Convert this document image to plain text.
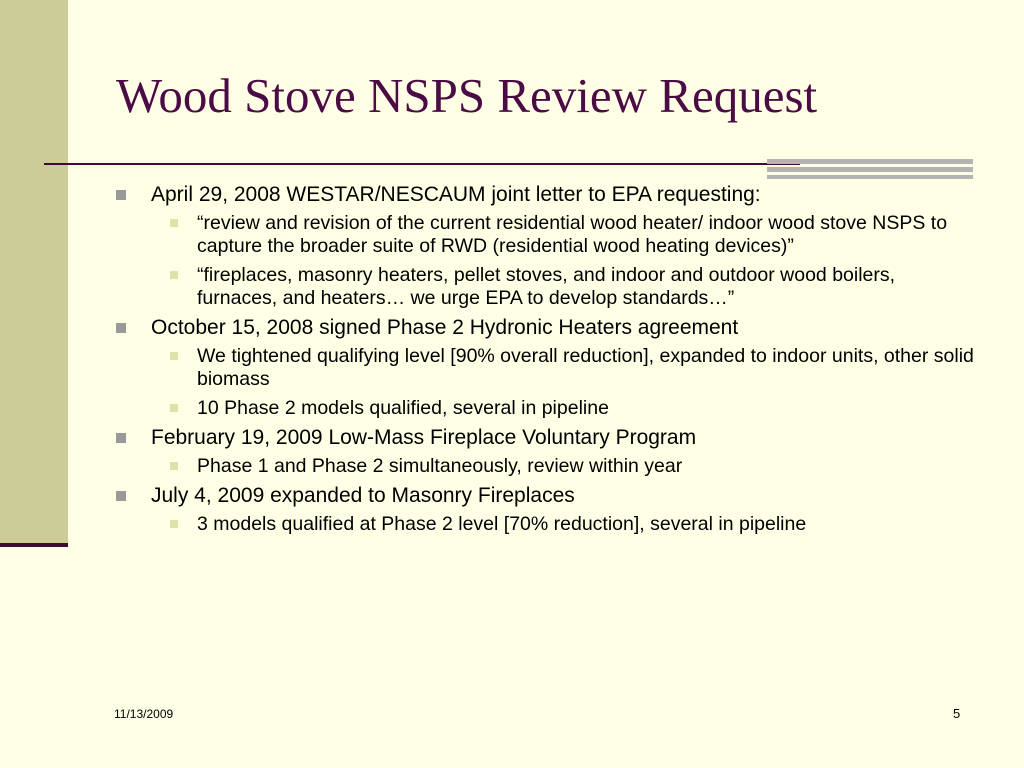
Wood Stove NSPS Review Request
April 29, 2008 WESTAR/NESCAUM joint letter to EPA requesting:
“review and revision of the current residential wood heater/ indoor wood stove NSPS to capture the broader suite of RWD (residential wood heating devices)”
“fireplaces, masonry heaters, pellet stoves, and indoor and outdoor wood boilers, furnaces, and heaters… we urge EPA to develop standards…”
October 15, 2008 signed Phase 2 Hydronic Heaters agreement
We tightened qualifying level [90% overall reduction], expanded to indoor units, other solid biomass
10 Phase 2 models qualified, several in pipeline
February 19, 2009 Low-Mass Fireplace Voluntary Program
Phase 1 and Phase 2 simultaneously, review within year
July 4, 2009 expanded to Masonry Fireplaces
3 models qualified at Phase 2 level [70% reduction], several in pipeline
11/13/2009	5
